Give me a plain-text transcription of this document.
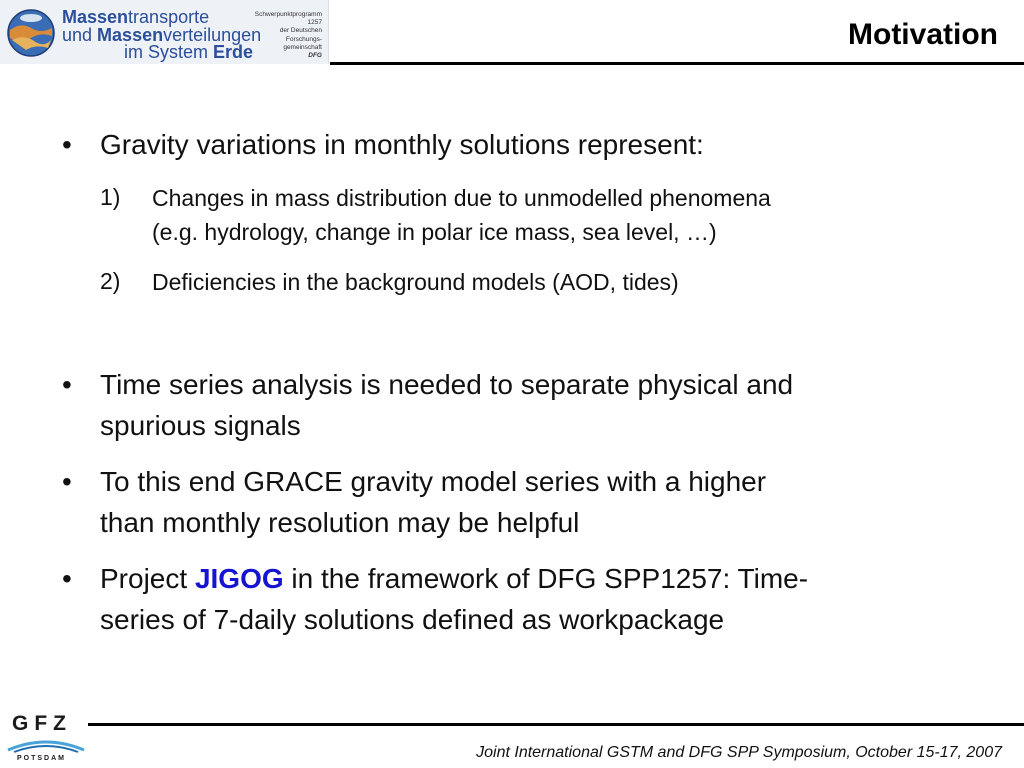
Massentransporte
und Massenverteilungen
im System Erde
Schwerpunktprogramm 1257
der Deutschen
Forschungs-
gemeinschaft
DFG
Motivation
• Gravity variations in monthly solutions represent:
1) Changes in mass distribution due to unmodelled phenomena
(e.g. hydrology, change in polar ice mass, sea level, …)
2) Deficiencies in the background models (AOD, tides)
• Time series analysis is needed to separate physical and
spurious signals
• To this end GRACE gravity model series with a higher
than monthly resolution may be helpful
• Project JIGOG in the framework of DFG SPP1257: Time-
series of 7-daily solutions defined as workpackage
GFZ
POTSDAM	Joint International GSTM and DFG SPP Symposium, October 15-17, 2007
